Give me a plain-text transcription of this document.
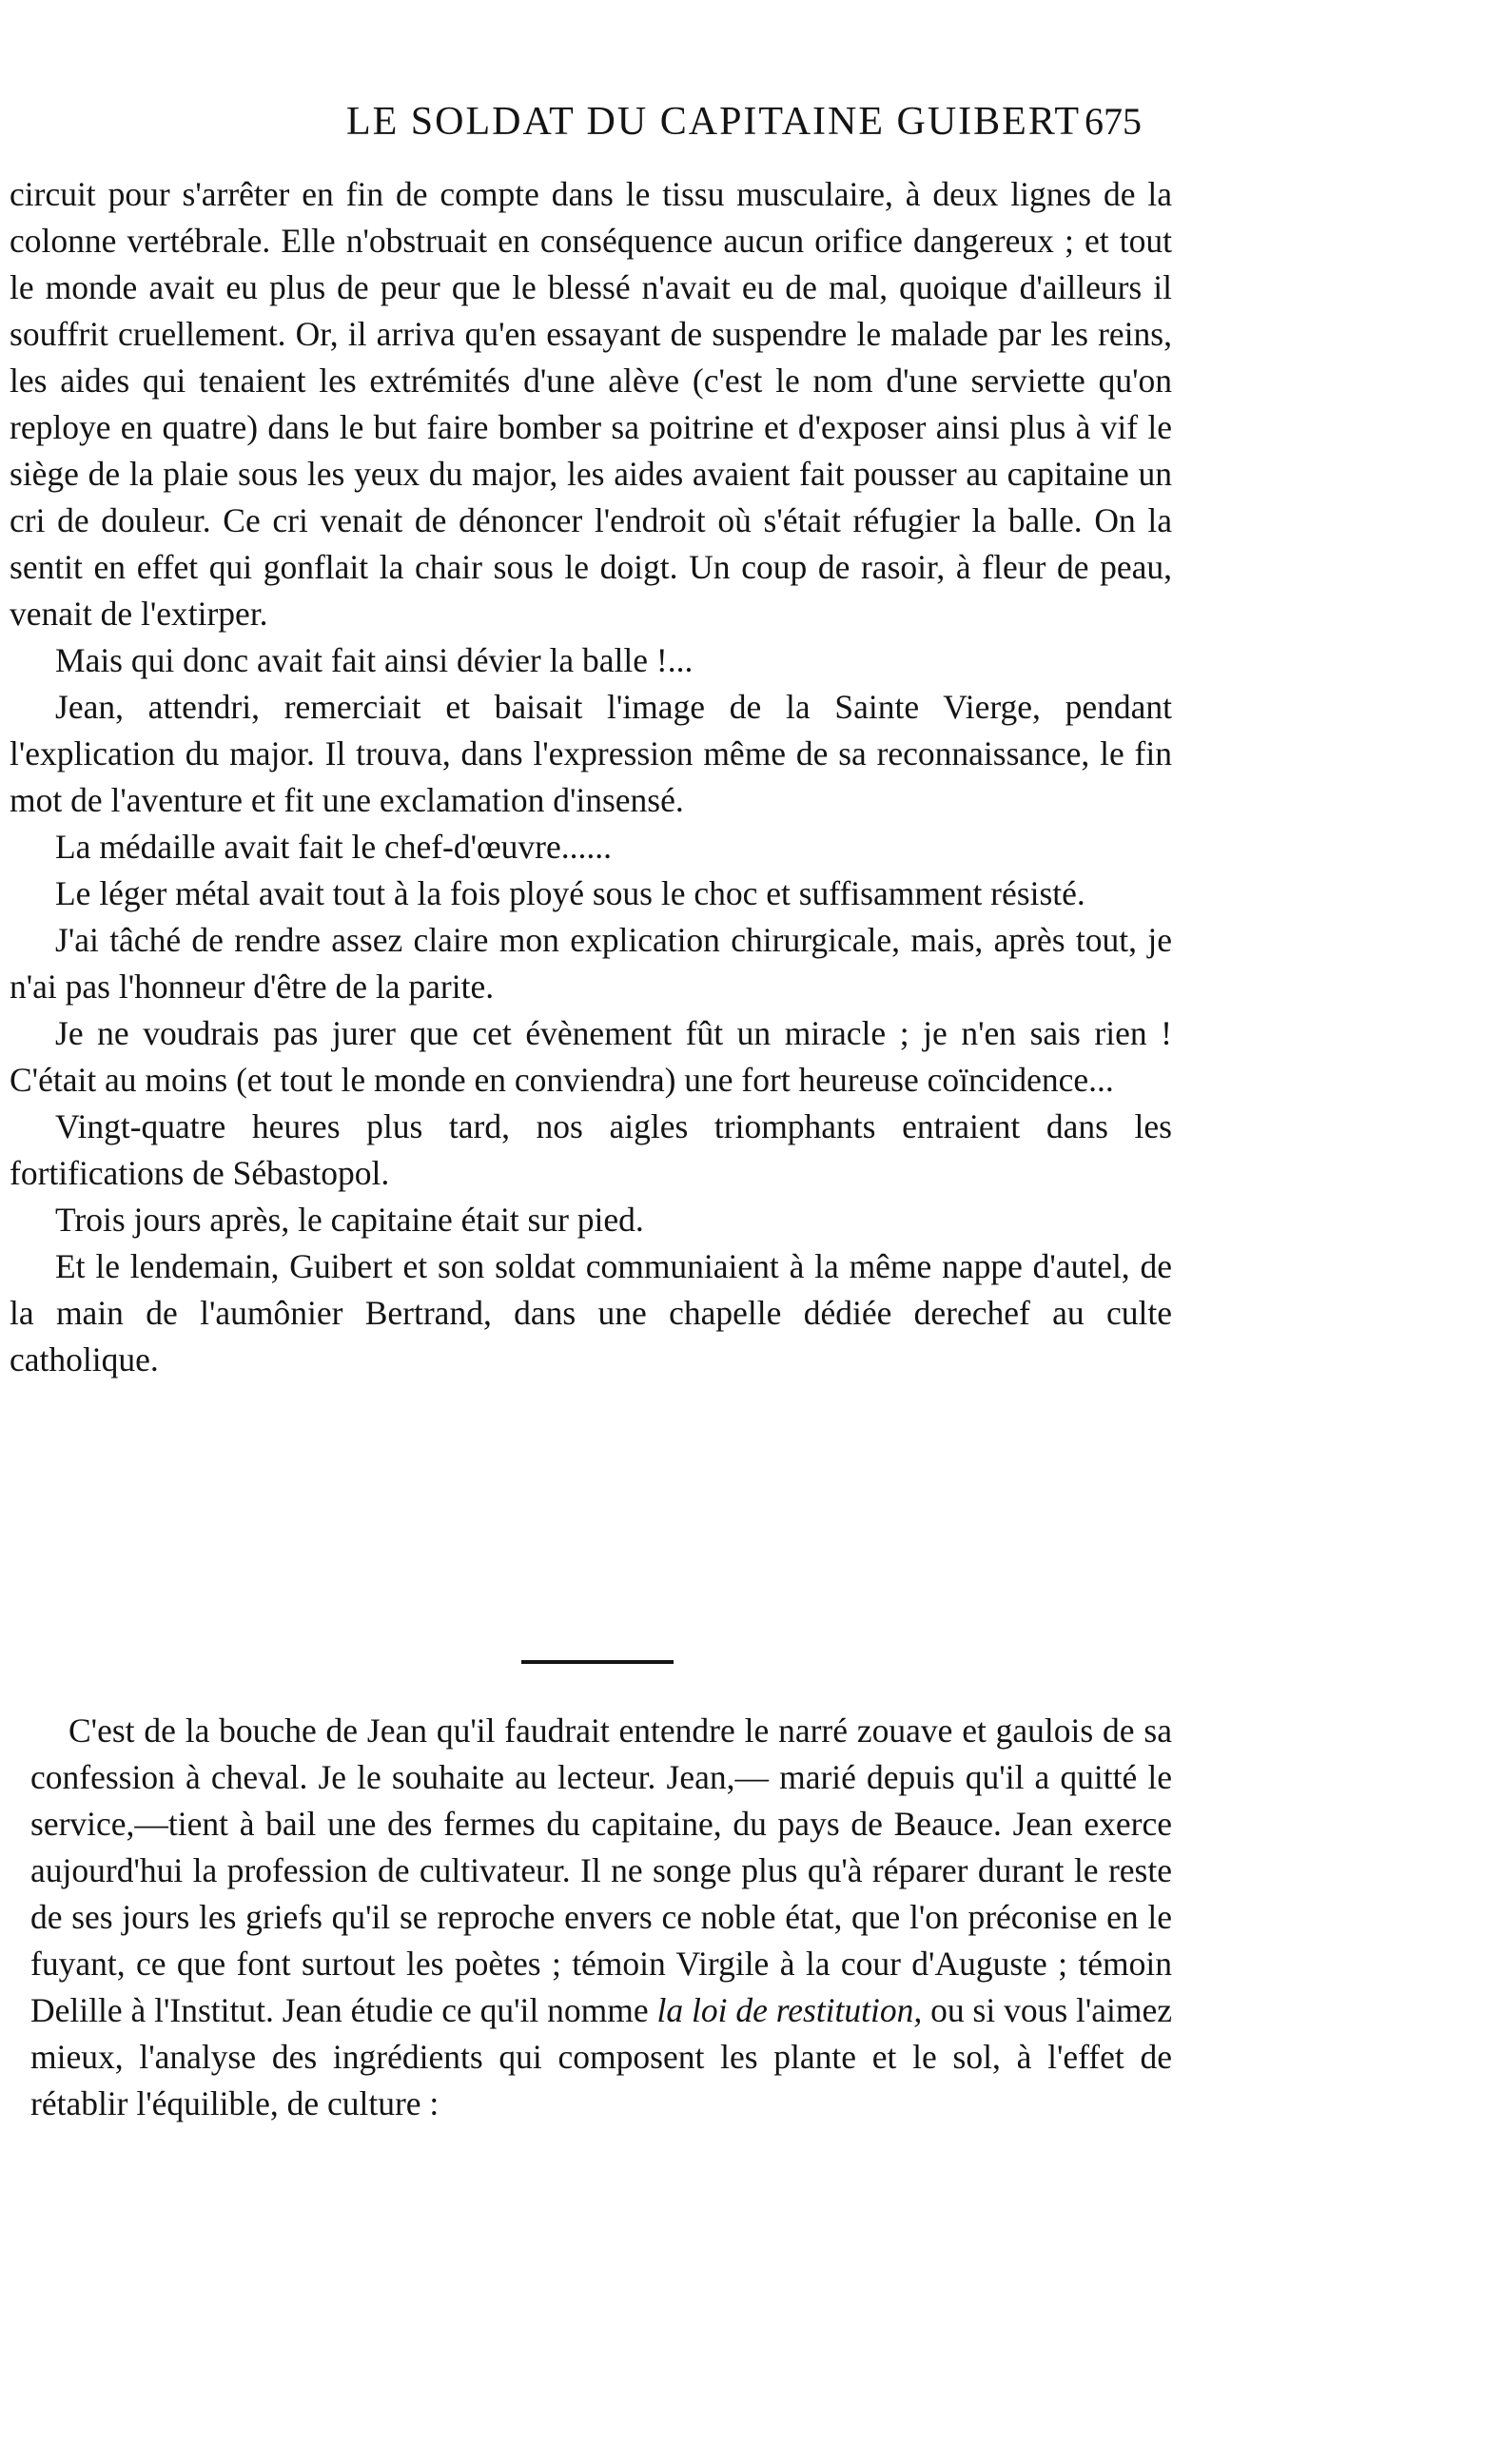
LE SOLDAT DU CAPITAINE GUIBERT 675

circuit pour s'arrêter en fin de compte dans le tissu musculaire, à deux lignes de la colonne vertébrale. Elle n'obstruait en conséquence aucun orifice dangereux ; et tout le monde avait eu plus de peur que le blessé n'avait eu de mal, quoique d'ailleurs il souffrit cruellement. Or, il arriva qu'en essayant de suspendre le malade par les reins, les aides qui tenaient les extrémités d'une alève (c'est le nom d'une serviette qu'on reploye en quatre) dans le but faire bomber sa poitrine et d'exposer ainsi plus à vif le siège de la plaie sous les yeux du major, les aides avaient fait pousser au capitaine un cri de douleur. Ce cri venait de dénoncer l'endroit où s'était réfugier la balle. On la sentit en effet qui gonflait la chair sous le doigt. Un coup de rasoir, à fleur de peau, venait de l'extirper.

Mais qui donc avait fait ainsi dévier la balle !...

Jean, attendri, remerciait et baisait l'image de la Sainte Vierge, pendant l'explication du major. Il trouva, dans l'expression même de sa reconnaissance, le fin mot de l'aventure et fit une exclamation d'insensé.

La médaille avait fait le chef-d'œuvre......

Le léger métal avait tout à la fois ployé sous le choc et suffisamment résisté.

J'ai tâché de rendre assez claire mon explication chirurgicale, mais, après tout, je n'ai pas l'honneur d'être de la parite.

Je ne voudrais pas jurer que cet évènement fût un miracle ; je n'en sais rien ! C'était au moins (et tout le monde en conviendra) une fort heureuse coïncidence...

Vingt-quatre heures plus tard, nos aigles triomphants entraient dans les fortifications de Sébastopol.

Trois jours après, le capitaine était sur pied.

Et le lendemain, Guibert et son soldat communiaient à la même nappe d'autel, de la main de l'aumônier Bertrand, dans une chapelle dédiée derechef au culte catholique.

C'est de la bouche de Jean qu'il faudrait entendre le narré zouave et gaulois de sa confession à cheval. Je le souhaite au lecteur. Jean,— marié depuis qu'il a quitté le service,—tient à bail une des fermes du capitaine, du pays de Beauce. Jean exerce aujourd'hui la profession de cultivateur. Il ne songe plus qu'à réparer durant le reste de ses jours les griefs qu'il se reproche envers ce noble état, que l'on préconise en le fuyant, ce que font surtout les poètes ; témoin Virgile à la cour d'Auguste ; témoin Delille à l'Institut. Jean étudie ce qu'il nomme la loi de restitution, ou si vous l'aimez mieux, l'analyse des ingrédients qui composent les plante et le sol, à l'effet de rétablir l'équilible, de culture :
